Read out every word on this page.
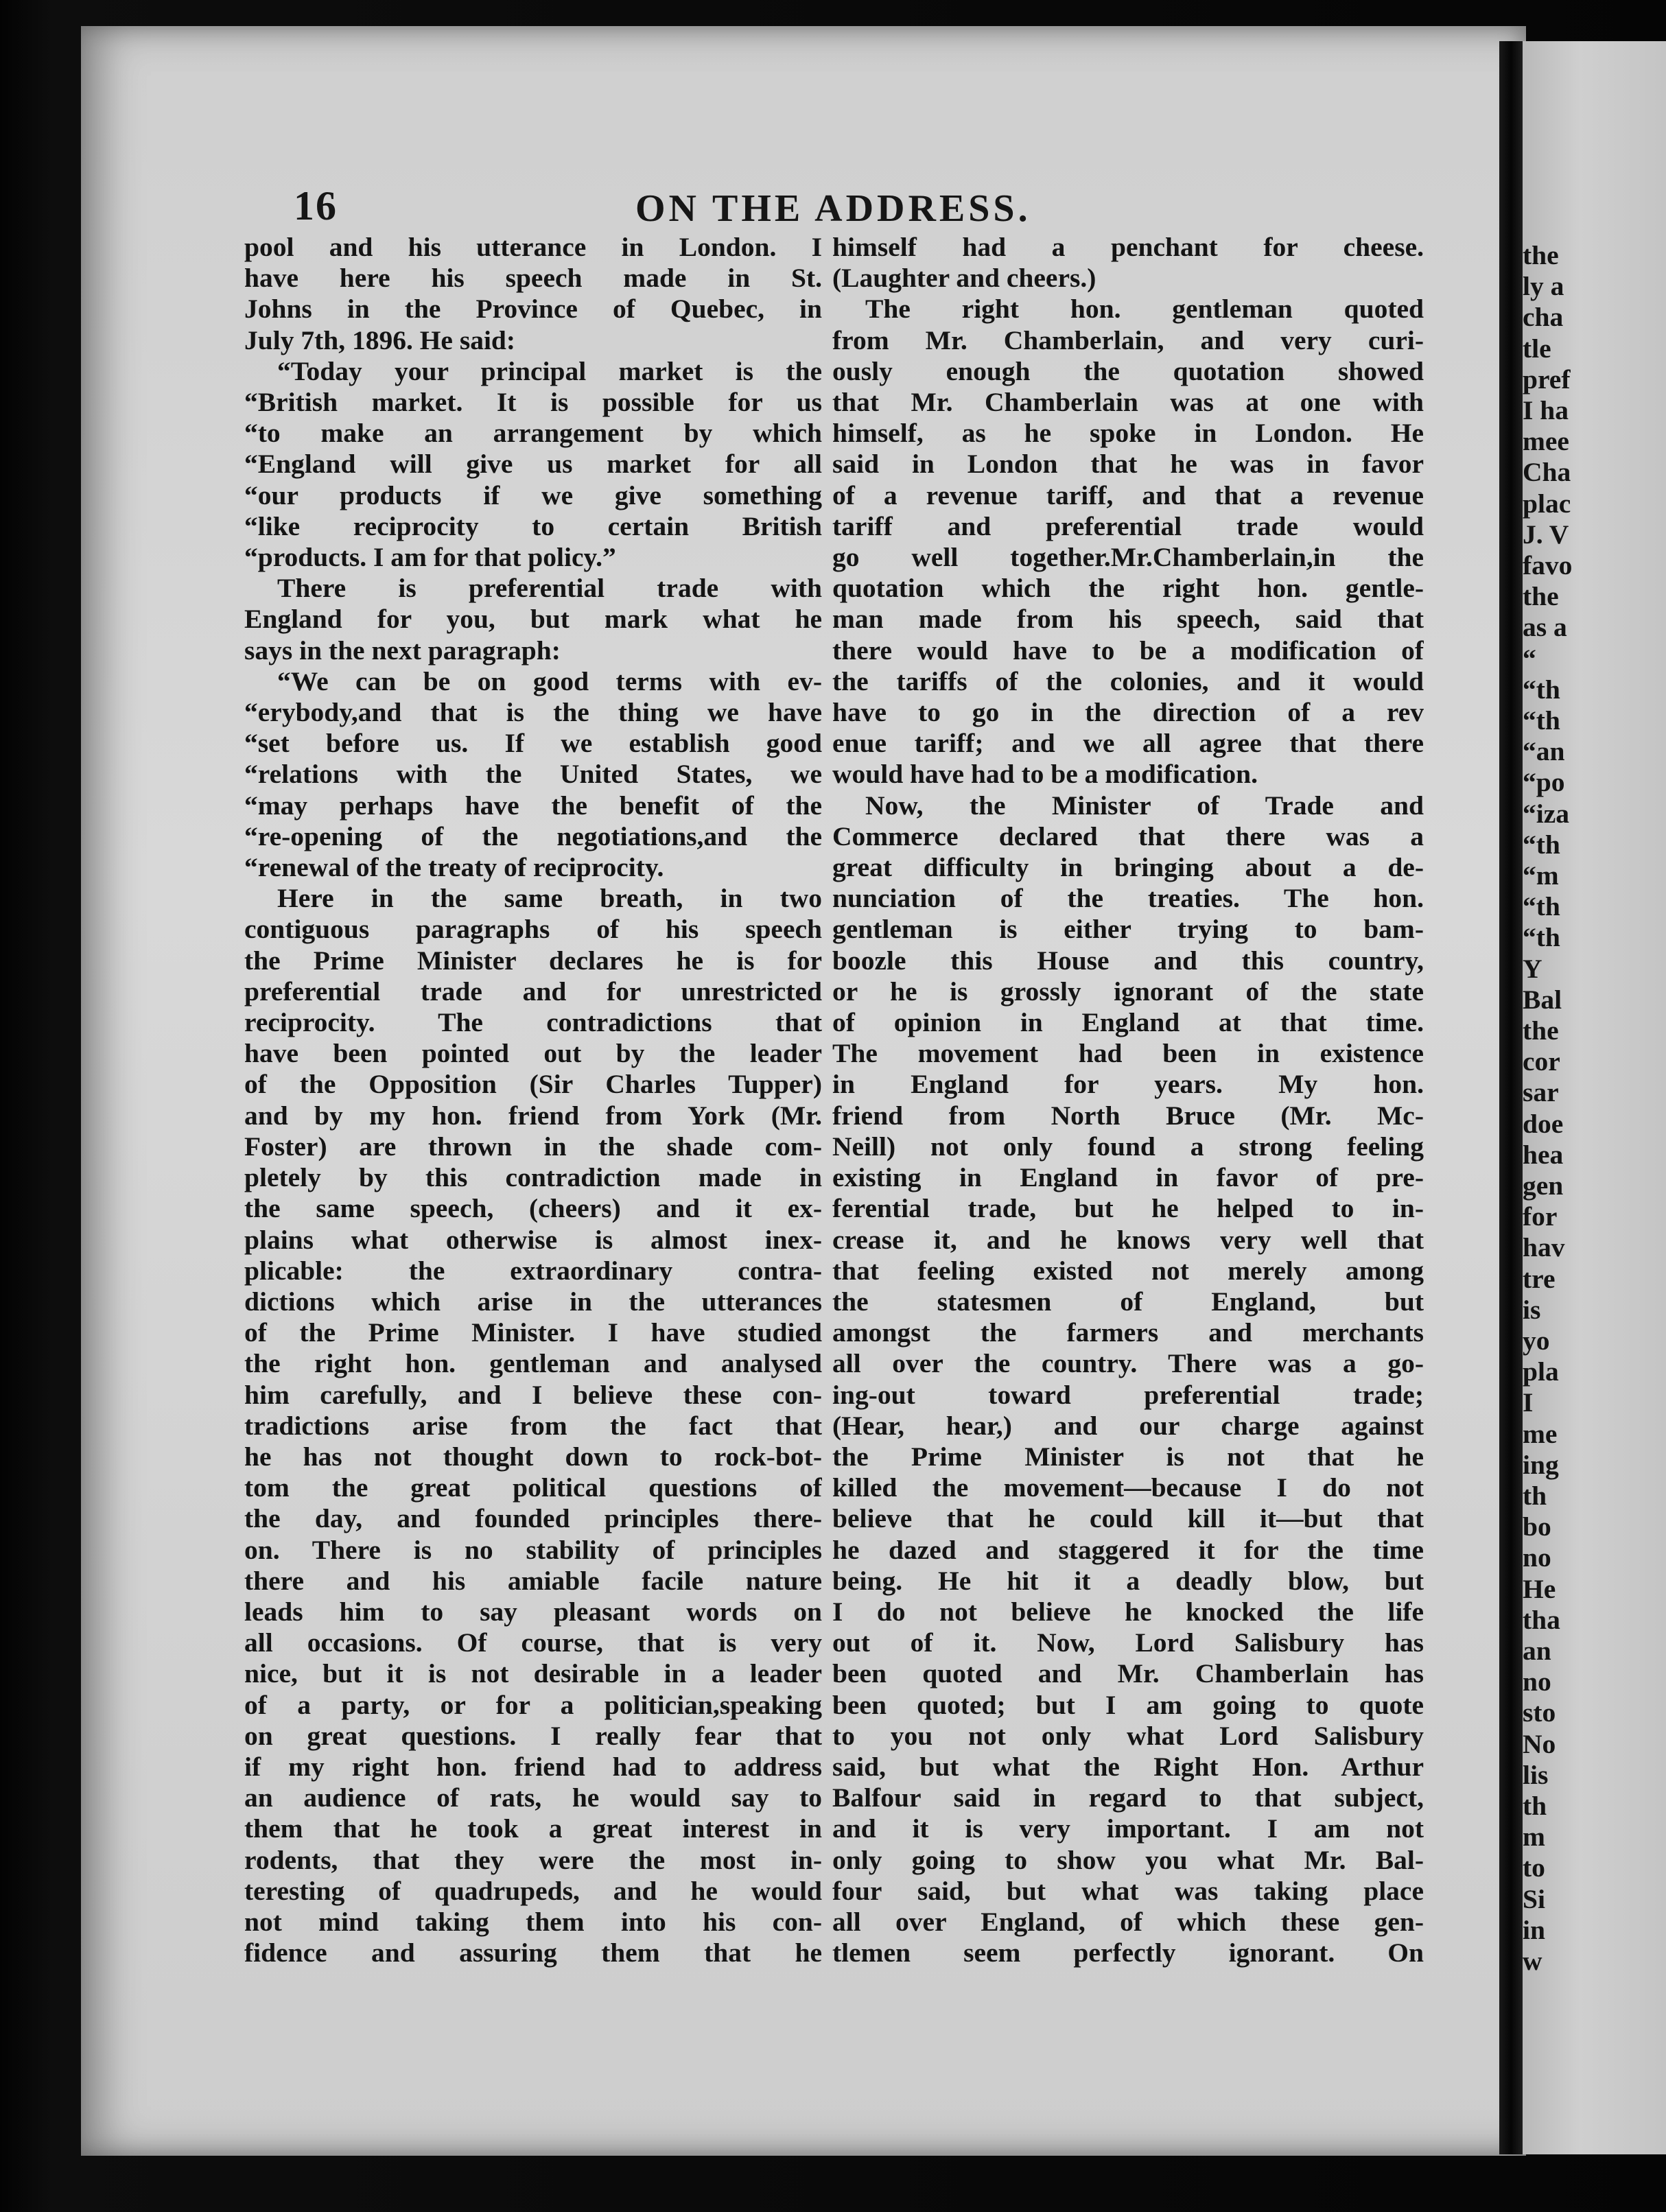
16	ON THE ADDRESS.
pool and his utterance in London. I
have here his speech made in St.
Johns in the Province of Quebec, in
July 7th, 1896. He said:
“Today your principal market is the
“British market. It is possible for us
“to make an arrangement by which
“England will give us market for all
“our products if we give something
“like reciprocity to certain British
“products. I am for that policy.”
There is preferential trade with
England for you, but mark what he
says in the next paragraph:
“We can be on good terms with ev-
“erybody,and that is the thing we have
“set before us. If we establish good
“relations with the United States, we
“may perhaps have the benefit of the
“re-opening of the negotiations,and the
“renewal of the treaty of reciprocity.
Here in the same breath, in two
contiguous paragraphs of his speech
the Prime Minister declares he is for
preferential trade and for unrestricted
reciprocity. The contradictions that
have been pointed out by the leader
of the Opposition (Sir Charles Tupper)
and by my hon. friend from York (Mr.
Foster) are thrown in the shade com-
pletely by this contradiction made in
the same speech, (cheers) and it ex-
plains what otherwise is almost inex-
plicable: the extraordinary contra-
dictions which arise in the utterances
of the Prime Minister. I have studied
the right hon. gentleman and analysed
him carefully, and I believe these con-
tradictions arise from the fact that
he has not thought down to rock-bot-
tom the great political questions of
the day, and founded principles there-
on. There is no stability of principles
there and his amiable facile nature
leads him to say pleasant words on
all occasions. Of course, that is very
nice, but it is not desirable in a leader
of a party, or for a politician,speaking
on great questions. I really fear that
if my right hon. friend had to address
an audience of rats, he would say to
them that he took a great interest in
rodents, that they were the most in-
teresting of quadrupeds, and he would
not mind taking them into his con-
fidence and assuring them that he
himself had a penchant for cheese.
(Laughter and cheers.)
The right hon. gentleman quoted
from Mr. Chamberlain, and very curi-
ously enough the quotation showed
that Mr. Chamberlain was at one with
himself, as he spoke in London. He
said in London that he was in favor
of a revenue tariff, and that a revenue
tariff and preferential trade would
go well together.Mr.Chamberlain,in the
quotation which the right hon. gentle-
man made from his speech, said that
there would have to be a modification of
the tariffs of the colonies, and it would
have to go in the direction of a rev
enue tariff; and we all agree that there
would have had to be a modification.
Now, the Minister of Trade and
Commerce declared that there was a
great difficulty in bringing about a de-
nunciation of the treaties. The hon.
gentleman is either trying to bam-
boozle this House and this country,
or he is grossly ignorant of the state
of opinion in England at that time.
The movement had been in existence
in England for years. My hon.
friend from North Bruce (Mr. Mc-
Neill) not only found a strong feeling
existing in England in favor of pre-
ferential trade, but he helped to in-
crease it, and he knows very well that
that feeling existed not merely among
the statesmen of England, but
amongst the farmers and merchants
all over the country. There was a go-
ing-out toward preferential trade;
(Hear, hear,) and our charge against
the Prime Minister is not that he
killed the movement—because I do not
believe that he could kill it—but that
he dazed and staggered it for the time
being. He hit it a deadly blow, but
I do not believe he knocked the life
out of it. Now, Lord Salisbury has
been quoted and Mr. Chamberlain has
been quoted; but I am going to quote
to you not only what Lord Salisbury
said, but what the Right Hon. Arthur
Balfour said in regard to that subject,
and it is very important. I am not
only going to show you what Mr. Bal-
four said, but what was taking place
all over England, of which these gen-
tlemen seem perfectly ignorant. On
the
ly a
cha
tle
pref
I ha
mee
Cha
plac
J. V
favo
the
as a
“
“th
“th
“an
“po
“iza
“th
“m
“th
“th
Y
Bal
the
cor
sar
doe
hea
gen
for
hav
tre
is
yo
pla
I
me
ing
th
bo
no
He
tha
an
no
sto
No
lis
th
m
to
Si
in
w
